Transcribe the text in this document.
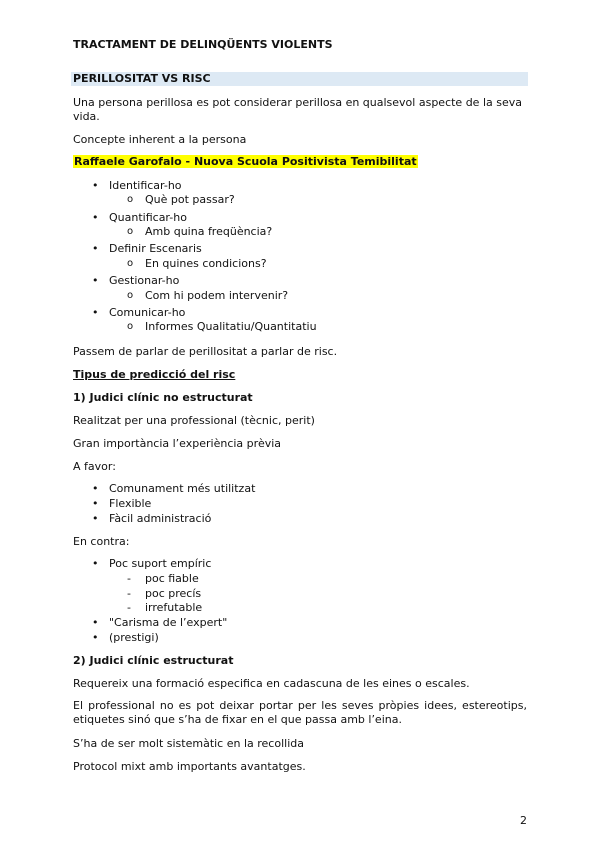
TRACTAMENT DE DELINQÜENTS VIOLENTS
PERILLOSITAT VS RISC
Una persona perillosa es pot considerar perillosa en qualsevol aspecte de la seva vida.
Concepte inherent a la persona
Raffaele Garofalo - Nuova Scuola Positivista Temibilitat
• Identificar-ho
o Què pot passar?
• Quantificar-ho
o Amb quina freqüència?
• Definir Escenaris
o En quines condicions?
• Gestionar-ho
o Com hi podem intervenir?
• Comunicar-ho
o Informes Qualitatiu/Quantitatiu
Passem de parlar de perillositat a parlar de risc.
Tipus de predicció del risc
1) Judici clínic no estructurat
Realitzat per una professional (tècnic, perit)
Gran importància l’experiència prèvia
A favor:
• Comunament més utilitzat
• Flexible
• Fàcil administració
En contra:
• Poc suport empíric
- poc fiable
- poc precís
- irrefutable
• "Carisma de l’expert"
• (prestigi)
2) Judici clínic estructurat
Requereix una formació especifica en cadascuna de les eines o escales.
El professional no es pot deixar portar per les seves pròpies idees, estereotips, etiquetes sinó que s’ha de fixar en el que passa amb l’eina.
S’ha de ser molt sistemàtic en la recollida
Protocol mixt amb importants avantatges.
2
